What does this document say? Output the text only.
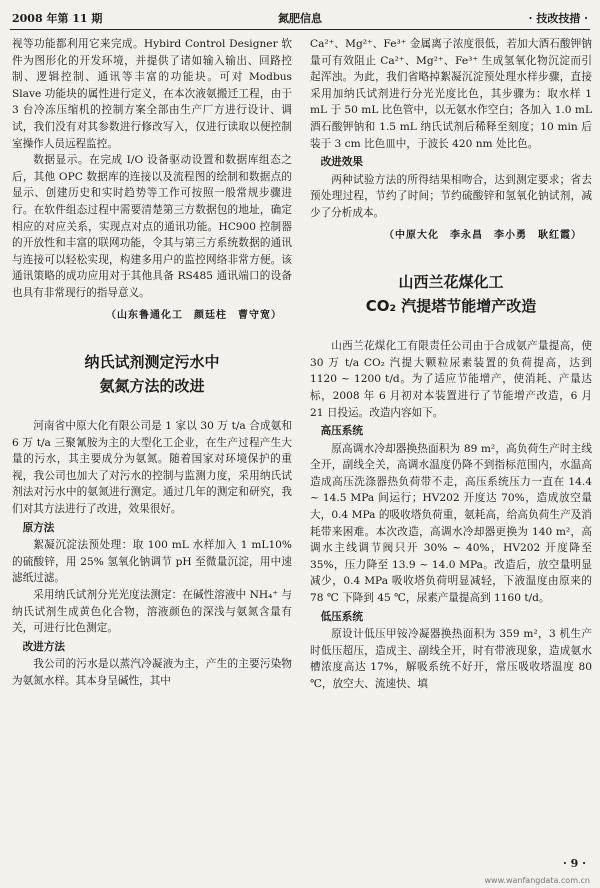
2008 年第 11 期	氮肥信息	· 技改技措 ·

视等功能都利用它来完成。Hybird Control Designer 软件为图形化的开发环境，并提供了诸如输入输出、回路控制、逻辑控制、通讯等丰富的功能块。可对 Modbus Slave 功能块的属性进行定义，在本次液氨搬迁工程，由于 3 台冷冻压缩机的控制方案全部由生产厂方进行设计、调试，我们没有对其参数进行修改写入，仅进行读取以便控制室操作人员远程监控。

数据显示。在完成 I/O 设备驱动设置和数据库组态之后，其他 OPC 数据库的连接以及流程图的绘制和数据点的显示、创建历史和实时趋势等工作可按照一般常规步骤进行。在软件组态过程中需要清楚第三方数据包的地址，确定相应的对应关系，实现点对点的通讯功能。HC900 控制器的开放性和丰富的联网功能，令其与第三方系统数据的通讯与连接可以轻松实现，构建多用户的监控网络非常方便。该通讯策略的成功应用对于其他具备 RS485 通讯端口的设备也具有非常现行的指导意义。

（山东鲁通化工　颜廷柱　曹守宽）
纳氏试剂测定污水中
氨氮方法的改进

河南省中原大化有限公司是 1 家以 30 万 t/a 合成氨和 6 万 t/a 三聚氰胺为主的大型化工企业，在生产过程产生大量的污水，其主要成分为氨氮。随着国家对环境保护的重视，我公司也加大了对污水的控制与监测力度，采用纳氏试剂法对污水中的氨氮进行测定。通过几年的测定和研究，我们对其方法进行了改进，效果很好。

原方法

絮凝沉淀法预处理：取 100 mL 水样加入 1 mL10% 的硫酸锌，用 25% 氢氧化钠调节 pH 至微量沉淀，用中速滤纸过滤。

采用纳氏试剂分光光度法测定：在碱性溶液中 NH₄⁺ 与纳氏试剂生成黄色化合物，溶液颜色的深浅与氨氮含量有关，可进行比色测定。

改进方法

我公司的污水是以蒸汽冷凝液为主，产生的主要污染物为氨氮水样。其本身呈碱性，其中

Ca²⁺、Mg²⁺、Fe³⁺ 金属离子浓度很低，若加大酒石酸钾钠量可有效阻止 Ca²⁺、Mg²⁺、Fe³⁺ 生成氢氧化物沉淀而引起浑浊。为此，我们省略掉絮凝沉淀预处理水样步骤，直接采用加纳氏试剂进行分光光度比色，其步骤为：取水样 1 mL 于 50 mL 比色管中，以无氨水作空白；各加入 1.0 mL 酒石酸钾钠和 1.5 mL 纳氏试剂后稀释至刻度；10 min 后装于 3 cm 比色皿中，于波长 420 nm 处比色。

改进效果

两种试验方法的所得结果相吻合，达到测定要求；省去预处理过程，节约了时间；节约硫酸锌和氢氧化钠试剂，减少了分析成本。

（中原大化　李永昌　李小勇　耿红霞）
山西兰花煤化工
CO₂ 汽提塔节能增产改造

山西兰花煤化工有限责任公司由于合成氨产量提高，使 30 万 t/a CO₂ 汽提大颗粒尿素装置的负荷提高，达到 1120 ~ 1200 t/d。为了适应节能增产，使消耗、产量达标，2008 年 6 月初对本装置进行了节能增产改造，6 月 21 日投运。改造内容如下。

高压系统

原高调水冷却器换热面积为 89 m²，高负荷生产时主线全开，副线全关，高调水温度仍降不到指标范围内，水温高造成高压洗涤器热负荷带不走，高压系统压力一直在 14.4 ~ 14.5 MPa 间运行；HV202 开度达 70%，造成放空量大，0.4 MPa 的吸收塔负荷重，氨耗高，给高负荷生产及消耗带来困难。本次改造，高调水冷却器更换为 140 m²，高调水主线调节阀只开 30% ~ 40%，HV202 开度降至 35%，压力降至 13.9 ~ 14.0 MPa。改造后，放空量明显减少，0.4 MPa 吸收塔负荷明显减轻，下液温度由原来的 78 ℃ 下降到 45 ℃，尿素产量提高到 1160 t/d。

低压系统

原设计低压甲铵冷凝器换热面积为 359 m²，3 机生产时低压超压，造成主、副线全开，时有带液现象，造成氨水槽浓度高达 17%，解吸系统不好开，常压吸收塔温度 80 ℃，放空大、流速快、填

· 9 ·
www.wanfangdata.com.cn
